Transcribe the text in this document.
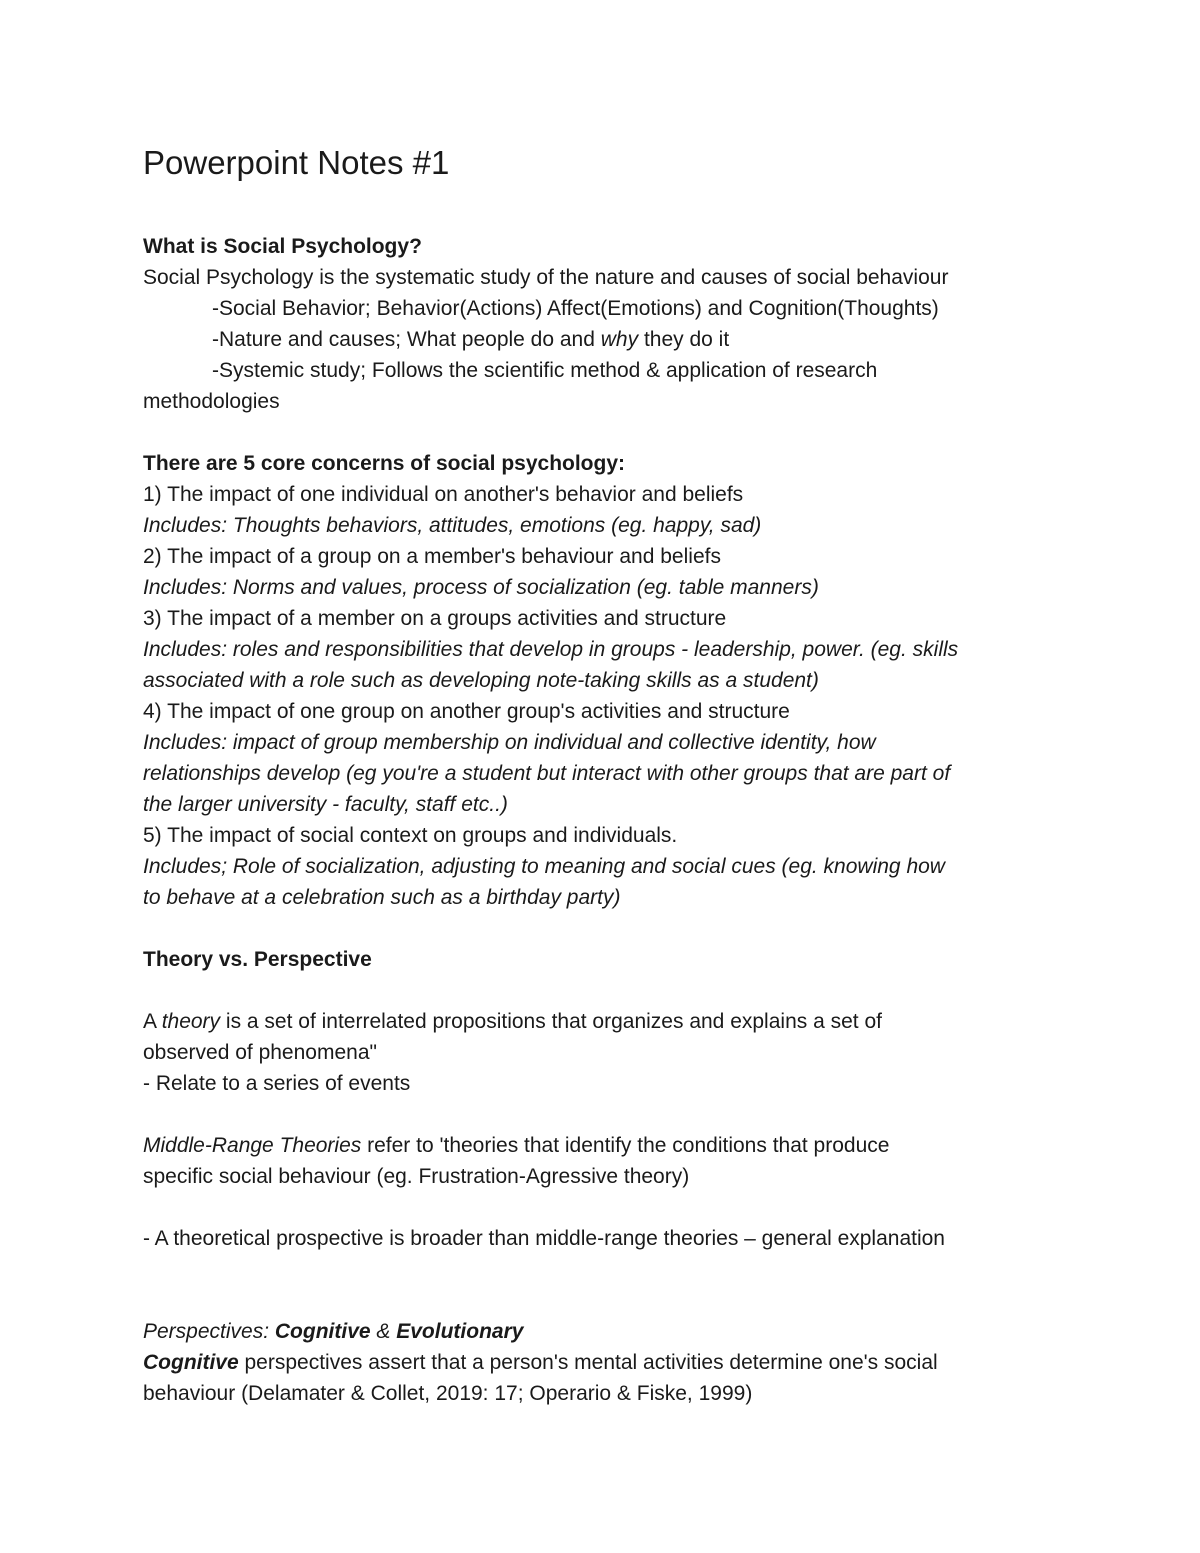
Powerpoint Notes #1

What is Social Psychology?

Social Psychology is the systematic study of the nature and causes of social behaviour

-Social Behavior; Behavior(Actions) Affect(Emotions) and Cognition(Thoughts)

-Nature and causes; What people do and why they do it

-Systemic study; Follows the scientific method & application of research

methodologies

There are 5 core concerns of social psychology:

1) The impact of one individual on another's behavior and beliefs

Includes: Thoughts behaviors, attitudes, emotions (eg. happy, sad)

2) The impact of a group on a member's behaviour and beliefs

Includes: Norms and values, process of socialization (eg. table manners)

3) The impact of a member on a groups activities and structure

Includes: roles and responsibilities that develop in groups - leadership, power. (eg. skills

associated with a role such as developing note-taking skills as a student)

4) The impact of one group on another group's activities and structure

Includes: impact of group membership on individual and collective identity, how

relationships develop (eg you're a student but interact with other groups that are part of

the larger university - faculty, staff etc..)

5) The impact of social context on groups and individuals.

Includes; Role of socialization, adjusting to meaning and social cues (eg. knowing how

to behave at a celebration such as a birthday party)

Theory vs. Perspective

A theory is a set of interrelated propositions that organizes and explains a set of

observed of phenomena"

- Relate to a series of events

Middle-Range Theories refer to 'theories that identify the conditions that produce

specific social behaviour (eg. Frustration-Agressive theory)

- A theoretical prospective is broader than middle-range theories – general explanation

Perspectives: Cognitive & Evolutionary

Cognitive perspectives assert that a person's mental activities determine one's social

behaviour (Delamater & Collet, 2019: 17; Operario & Fiske, 1999)
